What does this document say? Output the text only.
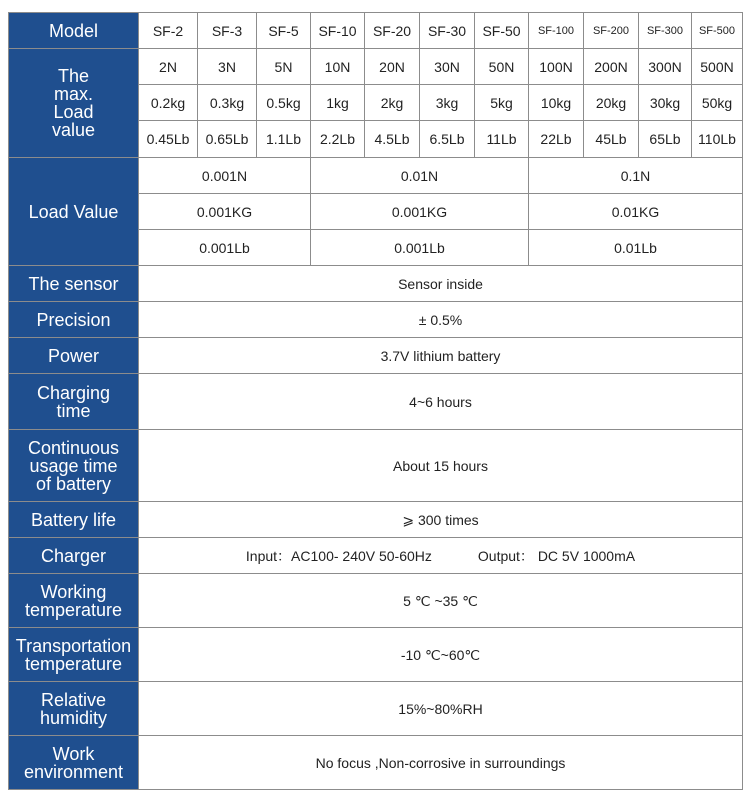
Model	SF-2	SF-3	SF-5	SF-10	SF-20	SF-30	SF-50	SF-100	SF-200	SF-300	SF-500

The
max.
Load
value	2N	3N	5N	10N	20N	30N	50N	100N	200N	300N	500N
	0.2kg	0.3kg	0.5kg	1kg	2kg	3kg	5kg	10kg	20kg	30kg	50kg
	0.45Lb	0.65Lb	1.1Lb	2.2Lb	4.5Lb	6.5Lb	11Lb	22Lb	45Lb	65Lb	110Lb
Load Value	0.001N			0.01N				0.1N			
	0.001KG			0.001KG				0.01KG			
	0.001Lb			0.001Lb				0.01Lb			

The sensor	Sensor inside										

Precision	± 0.5%										

Power	3.7V lithium battery										

Charging
time	4~6 hours										

Continuous
usage time
of battery	About 15 hours										

Battery life	⩾ 300 times										

Charger	Input：AC100- 240V 50-60Hz Output： DC 5V 1000mA										

Working
temperature	5 ℃ ~35 ℃										

Transportation
temperature	-10 ℃~60℃										

Relative
humidity	15%~80%RH										

Work
environment	No focus ,Non-corrosive in surroundings										
